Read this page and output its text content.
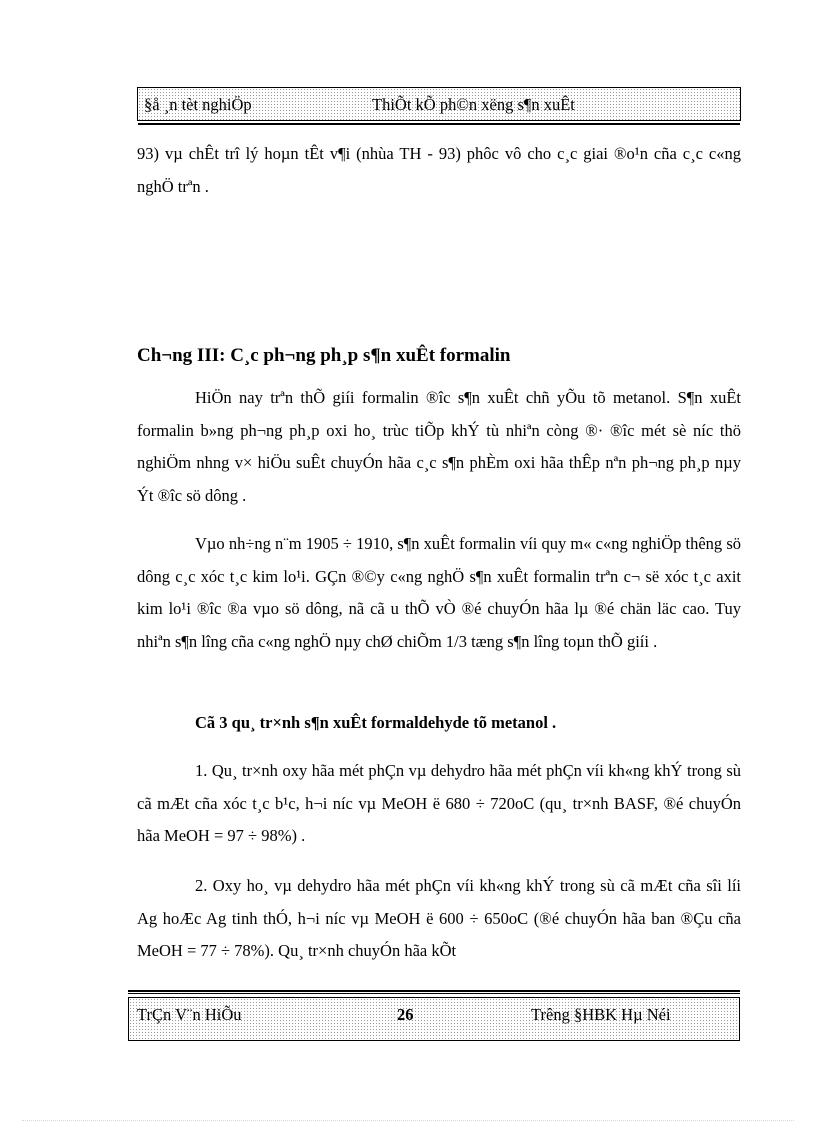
§å ¸n tèt nghiÖp	ThiÕt kÕ ph©n xëng s¶n xuÊt

93) vµ chÊt trî lý hoµn tÊt v¶i (nhùa TH - 93) phôc vô cho c¸c giai ®o¹n cña c¸c c«ng nghÖ trªn .

Ch¬ng III: C¸c ph¬ng ph¸p s¶n xuÊt formalin

HiÖn nay trªn thÕ giíi formalin ®îc s¶n xuÊt chñ yÕu tõ metanol. S¶n xuÊt formalin b»ng ph¬ng ph¸p oxi ho¸ trùc tiÕp khÝ tù nhiªn còng ®· ®îc mét sè níc thö nghiÖm nhng v× hiÖu suÊt chuyÓn hãa c¸c s¶n phÈm oxi hãa thÊp nªn ph¬ng ph¸p nµy Ýt ®îc sö dông .

Vµo nh÷ng n¨m 1905 ÷ 1910, s¶n xuÊt formalin víi quy m« c«ng nghiÖp thêng sö dông c¸c xóc t¸c kim lo¹i. GÇn ®©y c«ng nghÖ s¶n xuÊt formalin trªn c¬ së xóc t¸c axit kim lo¹i ®îc ®a vµo sö dông, nã cã u thÕ vÒ ®é chuyÓn hãa lµ ®é chän läc cao. Tuy nhiªn s¶n lîng cña c«ng nghÖ nµy chØ chiÕm 1/3 tæng s¶n lîng toµn thÕ giíi .

Cã 3 qu¸ tr×nh s¶n xuÊt formaldehyde tõ metanol .

1. Qu¸ tr×nh oxy hãa mét phÇn vµ dehydro hãa mét phÇn víi kh«ng khÝ trong sù cã mÆt cña xóc t¸c b¹c, h¬i níc vµ MeOH ë 680 ÷ 720oC (qu¸ tr×nh BASF, ®é chuyÓn hãa MeOH = 97 ÷ 98%) .

2. Oxy ho¸ vµ dehydro hãa mét phÇn víi kh«ng khÝ trong sù cã mÆt cña sîi líi Ag hoÆc Ag tinh thÓ, h¬i níc vµ MeOH ë 600 ÷ 650oC (®é chuyÓn hãa ban ®Çu cña MeOH = 77 ÷ 78%). Qu¸ tr×nh chuyÓn hãa kÕt

TrÇn V¨n HiÕu	26	Trêng §HBK Hµ Néi
